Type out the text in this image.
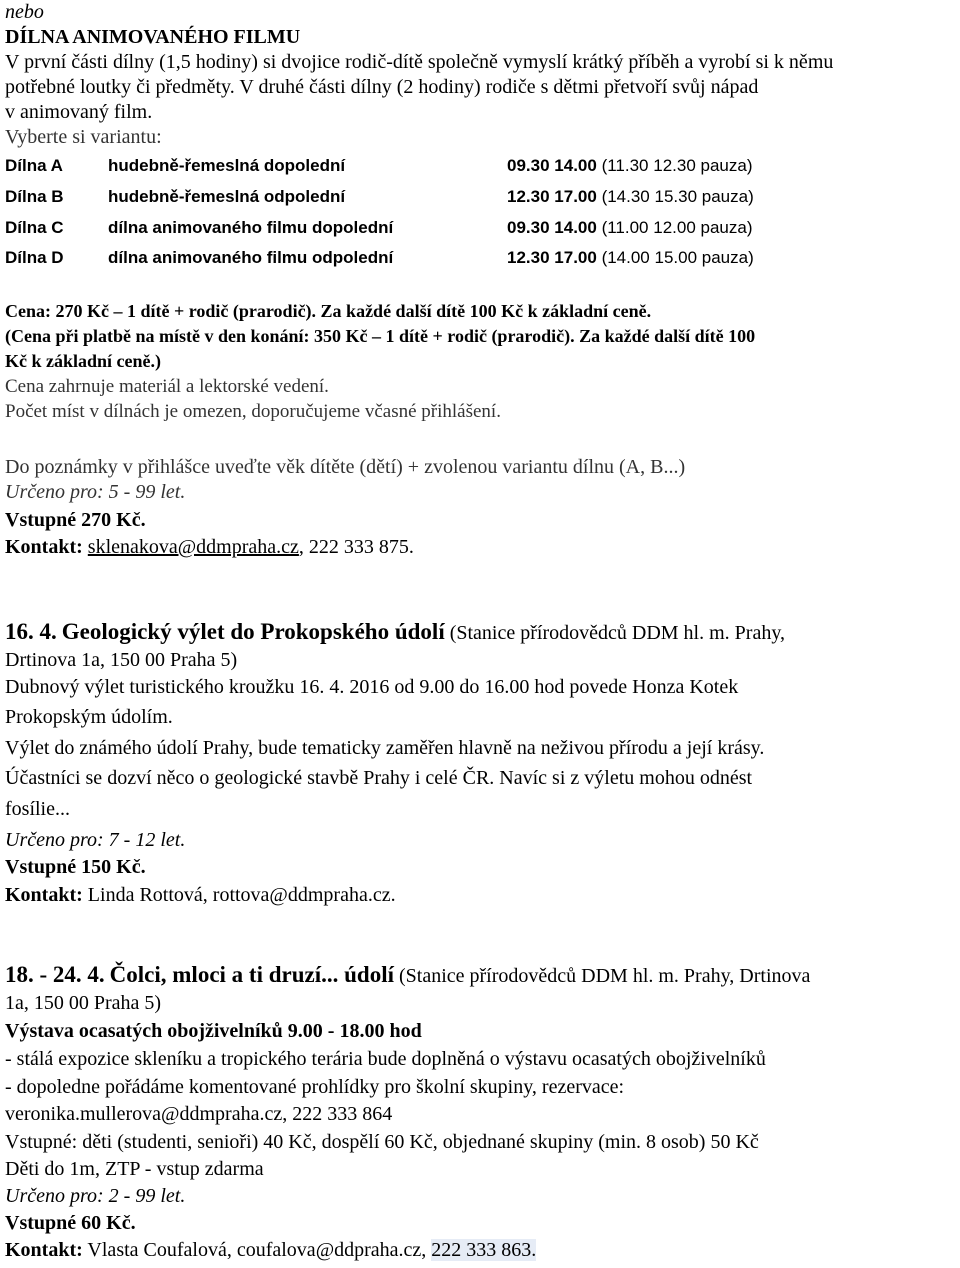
nebo
DÍLNA ANIMOVANÉHO FILMU
V první části dílny (1,5 hodiny) si dvojice rodič-dítě společně vymyslí krátký příběh a vyrobí si k němu
potřebné loutky či předměty. V druhé části dílny (2 hodiny) rodiče s dětmi přetvoří svůj nápad
v animovaný film.
Vyberte si variantu:
Dílna A	hudebně-řemeslná dopolední	09.30 14.00 (11.30 12.30 pauza)
Dílna B	hudebně-řemeslná odpolední	12.30 17.00 (14.30 15.30 pauza)
Dílna C	dílna animovaného filmu dopolední	09.30 14.00 (11.00 12.00 pauza)
Dílna D	dílna animovaného filmu odpolední	12.30 17.00 (14.00 15.00 pauza)
Cena: 270 Kč – 1 dítě + rodič (prarodič). Za každé další dítě 100 Kč k základní ceně.
(Cena při platbě na místě v den konání: 350 Kč – 1 dítě + rodič (prarodič). Za každé další dítě 100
Kč k základní ceně.)
Cena zahrnuje materiál a lektorské vedení.
Počet míst v dílnách je omezen, doporučujeme včasné přihlášení.
Do poznámky v přihlášce uveďte věk dítěte (dětí) + zvolenou variantu dílnu (A, B...)
Určeno pro: 5 - 99 let.
Vstupné 270 Kč.
Kontakt: sklenakova@ddmpraha.cz, 222 333 875.
16. 4. Geologický výlet do Prokopského údolí (Stanice přírodovědců DDM hl. m. Prahy,
Drtinova 1a, 150 00 Praha 5)
Dubnový výlet turistického kroužku 16. 4. 2016 od 9.00 do 16.00 hod povede Honza Kotek
Prokopským údolím.
Výlet do známého údolí Prahy, bude tematicky zaměřen hlavně na neživou přírodu a její krásy.
Účastníci se dozví něco o geologické stavbě Prahy i celé ČR. Navíc si z výletu mohou odnést
fosílie...
Určeno pro: 7 - 12 let.
Vstupné 150 Kč.
Kontakt: Linda Rottová, rottova@ddmpraha.cz.
18. - 24. 4. Čolci, mloci a ti druzí... údolí (Stanice přírodovědců DDM hl. m. Prahy, Drtinova
1a, 150 00 Praha 5)
Výstava ocasatých obojživelníků 9.00 - 18.00 hod
- stálá expozice skleníku a tropického terária bude doplněná o výstavu ocasatých obojživelníků
- dopoledne pořádáme komentované prohlídky pro školní skupiny, rezervace:
veronika.mullerova@ddmpraha.cz, 222 333 864
Vstupné: děti (studenti, senioři) 40 Kč, dospělí 60 Kč, objednané skupiny (min. 8 osob) 50 Kč
Děti do 1m, ZTP - vstup zdarma
Určeno pro: 2 - 99 let.
Vstupné 60 Kč.
Kontakt: Vlasta Coufalová, coufalova@ddpraha.cz, 222 333 863.
